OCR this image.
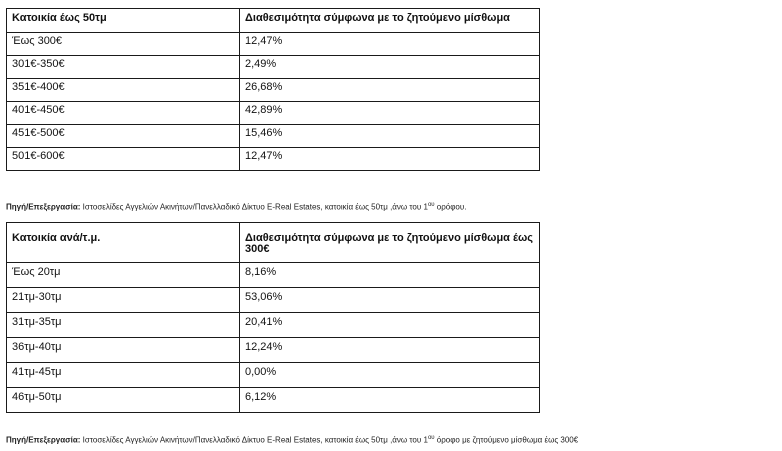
Κατοικία έως 50τμ	Διαθεσιμότητα σύμφωνα με το ζητούμενο μίσθωμα
Έως 300€	12,47%
301€-350€	2,49%
351€-400€	26,68%
401€-450€	42,89%
451€-500€	15,46%
501€-600€	12,47%
Πηγή/Επεξεργασία: Ιστοσελίδες Αγγελιών Ακινήτων/Πανελλαδικό Δίκτυο E-Real Estates, κατοικία έως 50τμ ,άνω του $1^{o\upsilon}$ ορόφου.
Κατοικία ανά/τ.μ.	Διαθεσιμότητα σύμφωνα με το ζητούμενο μίσθωμα έως 300€
Έως 20τμ	8,16%
21τμ-30τμ	53,06%
31τμ-35τμ	20,41%
36τμ-40τμ	12,24%
41τμ-45τμ	0,00%
46τμ-50τμ	6,12%
Πηγή/Επεξεργασία: Ιστοσελίδες Αγγελιών Ακινήτων/Πανελλαδικό Δίκτυο E-Real Estates, κατοικία έως 50τμ ,άνω του $1^{o\upsilon}$ όροφο με ζητούμενο μίσθωμα έως 300€
